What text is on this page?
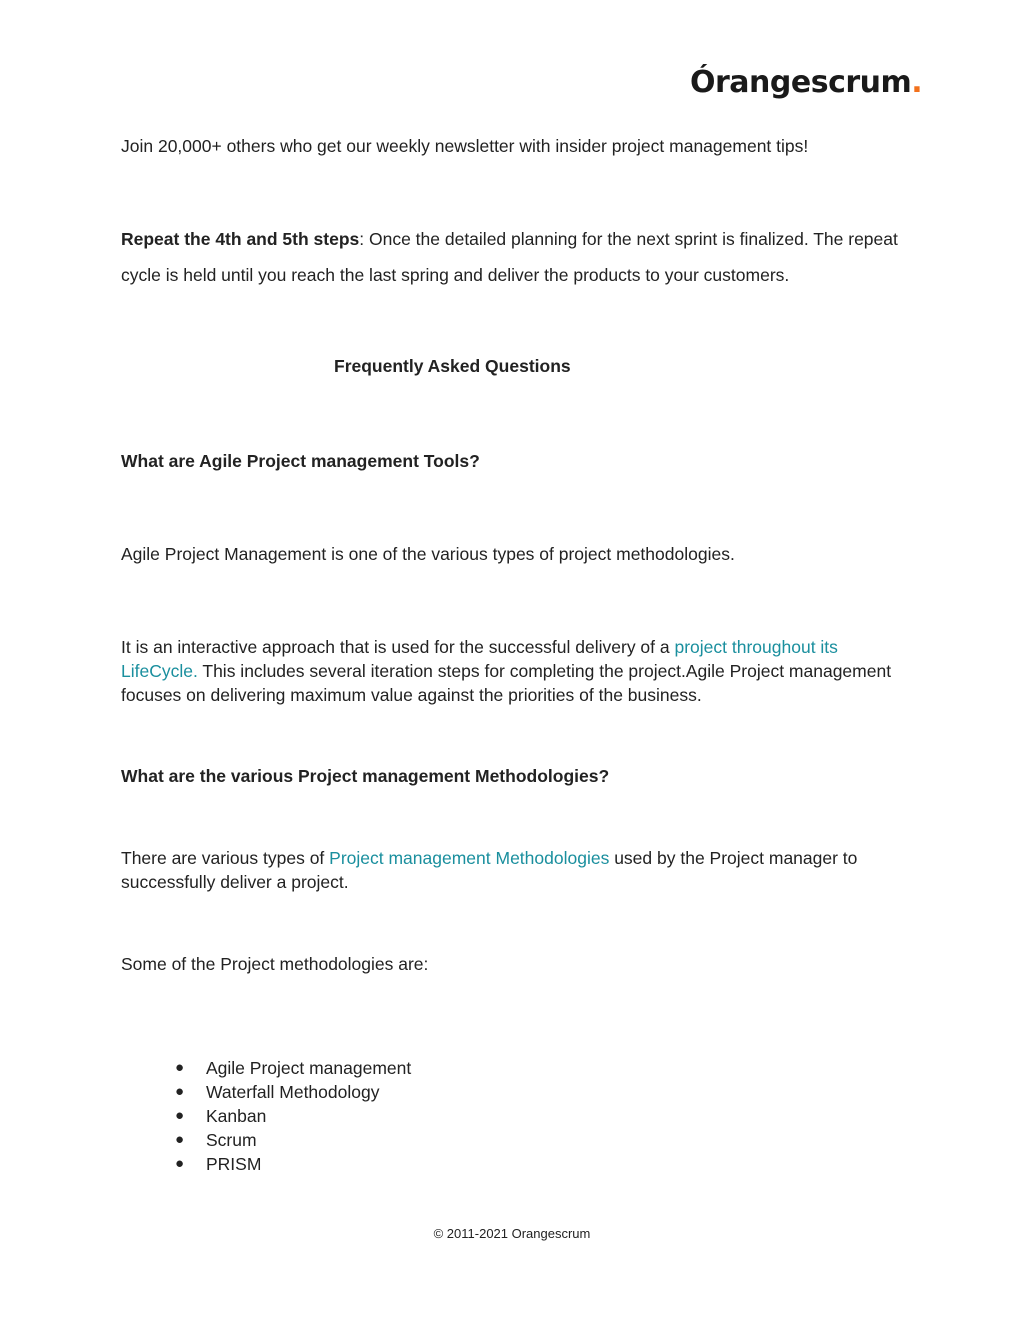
Órangescrum.

Join 20,000+ others who get our weekly newsletter with insider project management tips!

Repeat the 4th and 5th steps: Once the detailed planning for the next sprint is finalized. The repeat cycle is held until you reach the last spring and deliver the products to your customers.

Frequently Asked Questions

What are Agile Project management Tools?

Agile Project Management is one of the various types of project methodologies.

It is an interactive approach that is used for the successful delivery of a project throughout its LifeCycle. This includes several iteration steps for completing the project.Agile Project management focuses on delivering maximum value against the priorities of the business.

What are the various Project management Methodologies?

There are various types of Project management Methodologies used by the Project manager to successfully deliver a project.

Some of the Project methodologies are:

● Agile Project management
● Waterfall Methodology
● Kanban
● Scrum
● PRISM
© 2011-2021 Orangescrum
